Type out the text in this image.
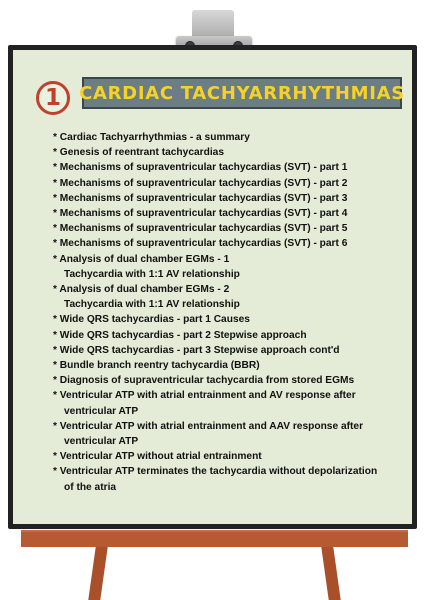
1	CARDIAC TACHYARRHYTHMIAS
* Cardiac Tachyarrhythmias - a summary
* Genesis of reentrant tachycardias
* Mechanisms of supraventricular tachycardias (SVT) - part 1
* Mechanisms of supraventricular tachycardias (SVT) - part 2
* Mechanisms of supraventricular tachycardias (SVT) - part 3
* Mechanisms of supraventricular tachycardias (SVT) - part 4
* Mechanisms of supraventricular tachycardias (SVT) - part 5
* Mechanisms of supraventricular tachycardias (SVT) - part 6
* Analysis of dual chamber EGMs - 1
Tachycardia with 1:1 AV relationship
* Analysis of dual chamber EGMs - 2
Tachycardia with 1:1 AV relationship
* Wide QRS tachycardias - part 1 Causes
* Wide QRS tachycardias - part 2 Stepwise approach
* Wide QRS tachycardias - part 3 Stepwise approach cont'd
* Bundle branch reentry tachycardia (BBR)
* Diagnosis of supraventricular tachycardia from stored EGMs
* Ventricular ATP with atrial entrainment and AV response after
ventricular ATP
* Ventricular ATP with atrial entrainment and AAV response after
ventricular ATP
* Ventricular ATP without atrial entrainment
* Ventricular ATP terminates the tachycardia without depolarization
of the atria
